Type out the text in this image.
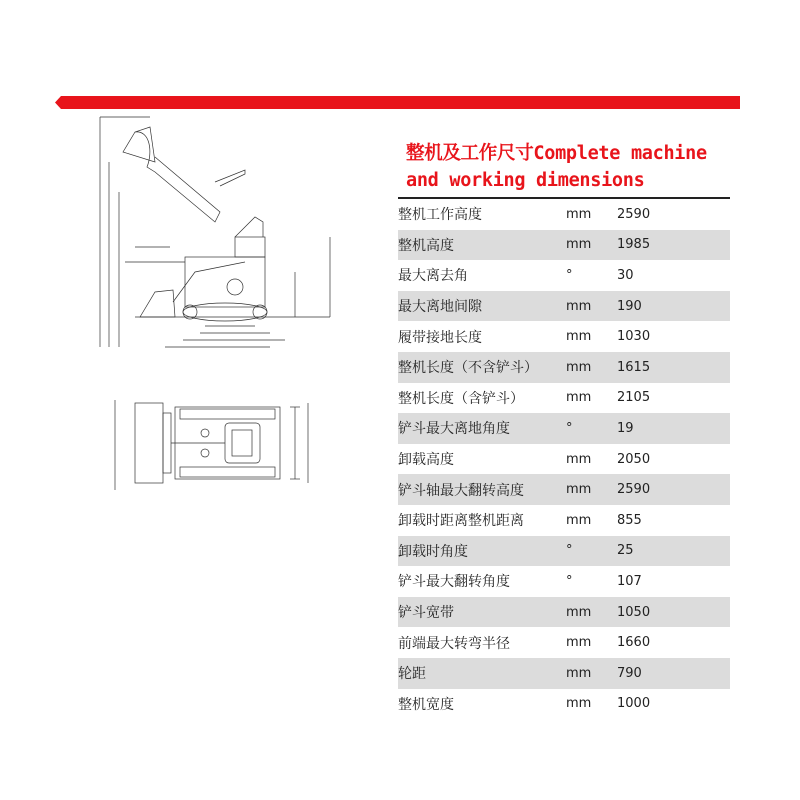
整机及工作尺寸Complete machine and working dimensions
整机工作高度	mm	2590
整机高度	mm	1985
最大离去角	°	30
最大离地间隙	mm	190
履带接地长度	mm	1030
整机长度（不含铲斗）	mm	1615
整机长度（含铲斗）	mm	2105
铲斗最大离地角度	°	19
卸载高度	mm	2050
铲斗轴最大翻转高度	mm	2590
卸载时距离整机距离	mm	855
卸载时角度	°	25
铲斗最大翻转角度	°	107
铲斗宽带	mm	1050
前端最大转弯半径	mm	1660
轮距	mm	790
整机宽度	mm	1000
